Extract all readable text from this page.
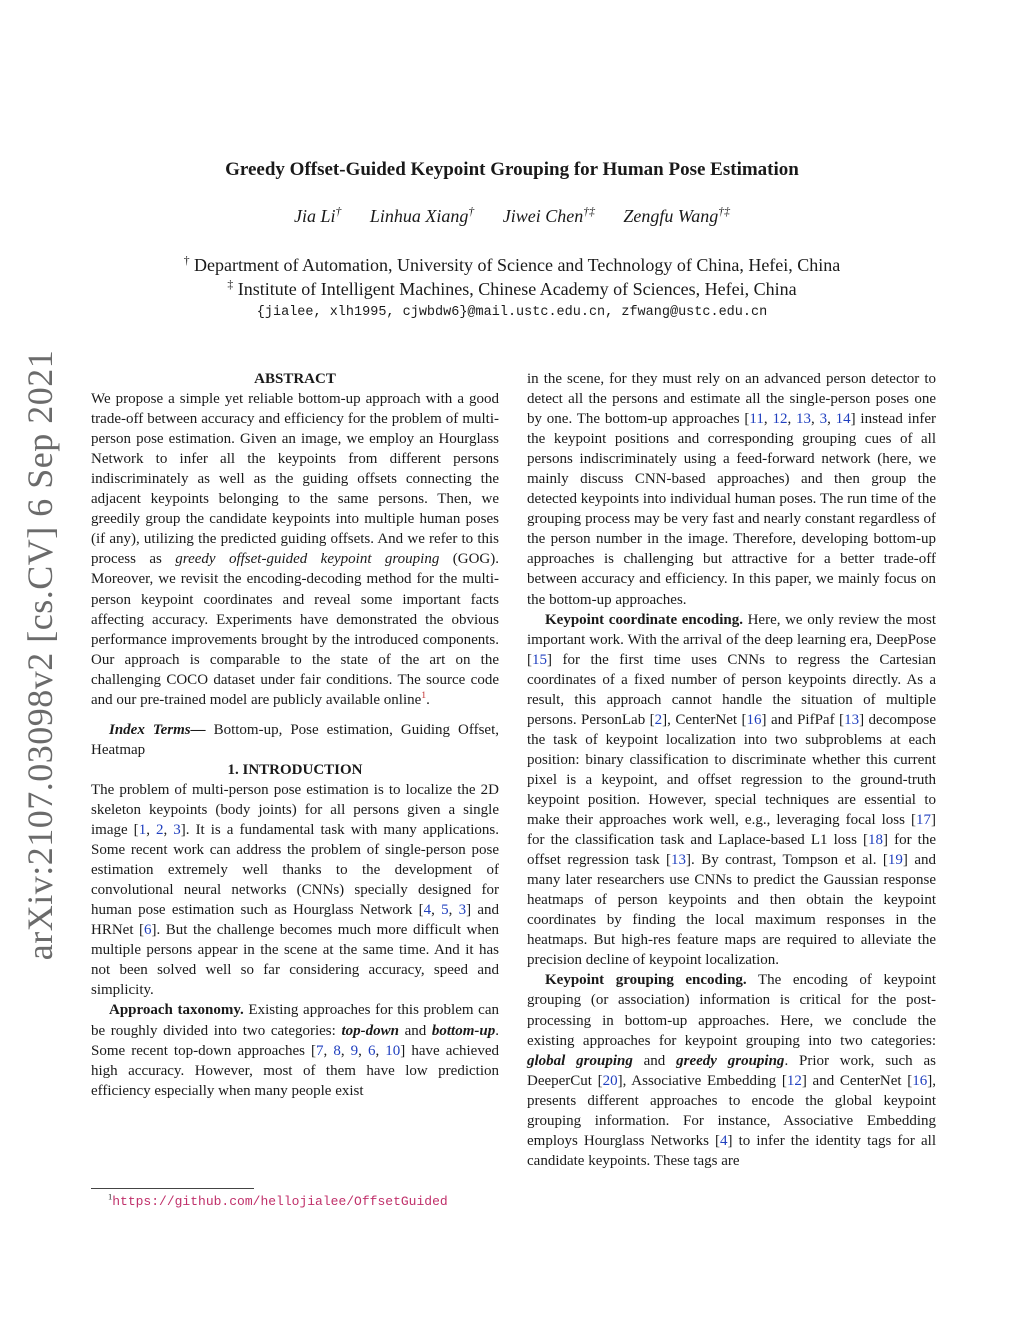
arXiv:2107.03098v2 [cs.CV] 6 Sep 2021
Greedy Offset-Guided Keypoint Grouping for Human Pose Estimation
Jia Li† Linhua Xiang† Jiwei Chen†‡ Zengfu Wang†‡
† Department of Automation, University of Science and Technology of China, Hefei, China
‡ Institute of Intelligent Machines, Chinese Academy of Sciences, Hefei, China
{jialee, xlh1995, cjwbdw6}@mail.ustc.edu.cn, zfwang@ustc.edu.cn

ABSTRACT

We propose a simple yet reliable bottom-up approach with a good trade-off between accuracy and efficiency for the problem of multi-person pose estimation. Given an image, we employ an Hourglass Network to infer all the keypoints from different persons indiscriminately as well as the guiding offsets connecting the adjacent keypoints belonging to the same persons. Then, we greedily group the candidate keypoints into multiple human poses (if any), utilizing the predicted guiding offsets. And we refer to this process as greedy offset-guided keypoint grouping (GOG). Moreover, we revisit the encoding-decoding method for the multi-person keypoint coordinates and reveal some important facts affecting accuracy. Experiments have demonstrated the obvious performance improvements brought by the introduced components. Our approach is comparable to the state of the art on the challenging COCO dataset under fair conditions. The source code and our pre-trained model are publicly available online$^1$.

Index Terms— Bottom-up, Pose estimation, Guiding Offset, Heatmap

1. INTRODUCTION

The problem of multi-person pose estimation is to localize the 2D skeleton keypoints (body joints) for all persons given a single image [1, 2, 3]. It is a fundamental task with many applications. Some recent work can address the problem of single-person pose estimation extremely well thanks to the development of convolutional neural networks (CNNs) specially designed for human pose estimation such as Hourglass Network [4, 5, 3] and HRNet [6]. But the challenge becomes much more difficult when multiple persons appear in the scene at the same time. And it has not been solved well so far considering accuracy, speed and simplicity.

Approach taxonomy. Existing approaches for this problem can be roughly divided into two categories: top-down and bottom-up. Some recent top-down approaches [7, 8, 9, 6, 10] have achieved high accuracy. However, most of them have low prediction efficiency especially when many people exist

in the scene, for they must rely on an advanced person detector to detect all the persons and estimate all the single-person poses one by one. The bottom-up approaches [11, 12, 13, 3, 14] instead infer the keypoint positions and corresponding grouping cues of all persons indiscriminately using a feed-forward network (here, we mainly discuss CNN-based approaches) and then group the detected keypoints into individual human poses. The run time of the grouping process may be very fast and nearly constant regardless of the person number in the image. Therefore, developing bottom-up approaches is challenging but attractive for a better trade-off between accuracy and efficiency. In this paper, we mainly focus on the bottom-up approaches.

Keypoint coordinate encoding. Here, we only review the most important work. With the arrival of the deep learning era, DeepPose [15] for the first time uses CNNs to regress the Cartesian coordinates of a fixed number of person keypoints directly. As a result, this approach cannot handle the situation of multiple persons. PersonLab [2], CenterNet [16] and PifPaf [13] decompose the task of keypoint localization into two subproblems at each position: binary classification to discriminate whether this current pixel is a keypoint, and offset regression to the ground-truth keypoint position. However, special techniques are essential to make their approaches work well, e.g., leveraging focal loss [17] for the classification task and Laplace-based L1 loss [18] for the offset regression task [13]. By contrast, Tompson et al. [19] and many later researchers use CNNs to predict the Gaussian response heatmaps of person keypoints and then obtain the keypoint coordinates by finding the local maximum responses in the heatmaps. But high-res feature maps are required to alleviate the precision decline of keypoint localization.

Keypoint grouping encoding. The encoding of keypoint grouping (or association) information is critical for the post-processing in bottom-up approaches. Here, we conclude the existing approaches for keypoint grouping into two categories: global grouping and greedy grouping. Prior work, such as DeeperCut [20], Associative Embedding [12] and CenterNet [16], presents different approaches to encode the global keypoint grouping information. For instance, Associative Embedding employs Hourglass Networks [4] to infer the identity tags for all candidate keypoints. These tags are

$^1$https://github.com/hellojialee/OffsetGuided
